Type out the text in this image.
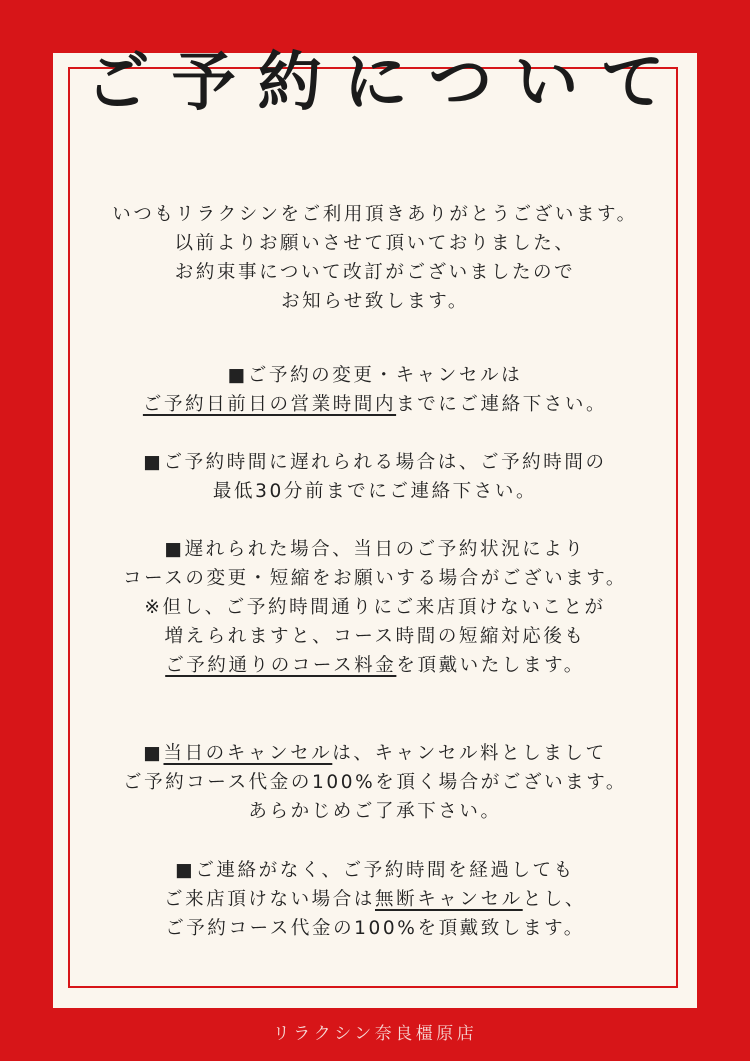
ご予約について
いつもリラクシンをご利用頂きありがとうございます。
以前よりお願いさせて頂いておりました、
お約束事について改訂がございましたので
お知らせ致します。
■ご予約の変更・キャンセルは
ご予約日前日の営業時間内までにご連絡下さい。
■ご予約時間に遅れられる場合は、ご予約時間の
最低30分前までにご連絡下さい。
■遅れられた場合、当日のご予約状況により
コースの変更・短縮をお願いする場合がございます。
※但し、ご予約時間通りにご来店頂けないことが
増えられますと、コース時間の短縮対応後も
ご予約通りのコース料金を頂戴いたします。
■当日のキャンセルは、キャンセル料としまして
ご予約コース代金の100%を頂く場合がございます。
あらかじめご了承下さい。
■ご連絡がなく、ご予約時間を経過しても
ご来店頂けない場合は無断キャンセルとし、
ご予約コース代金の100%を頂戴致します。
リラクシン奈良橿原店
